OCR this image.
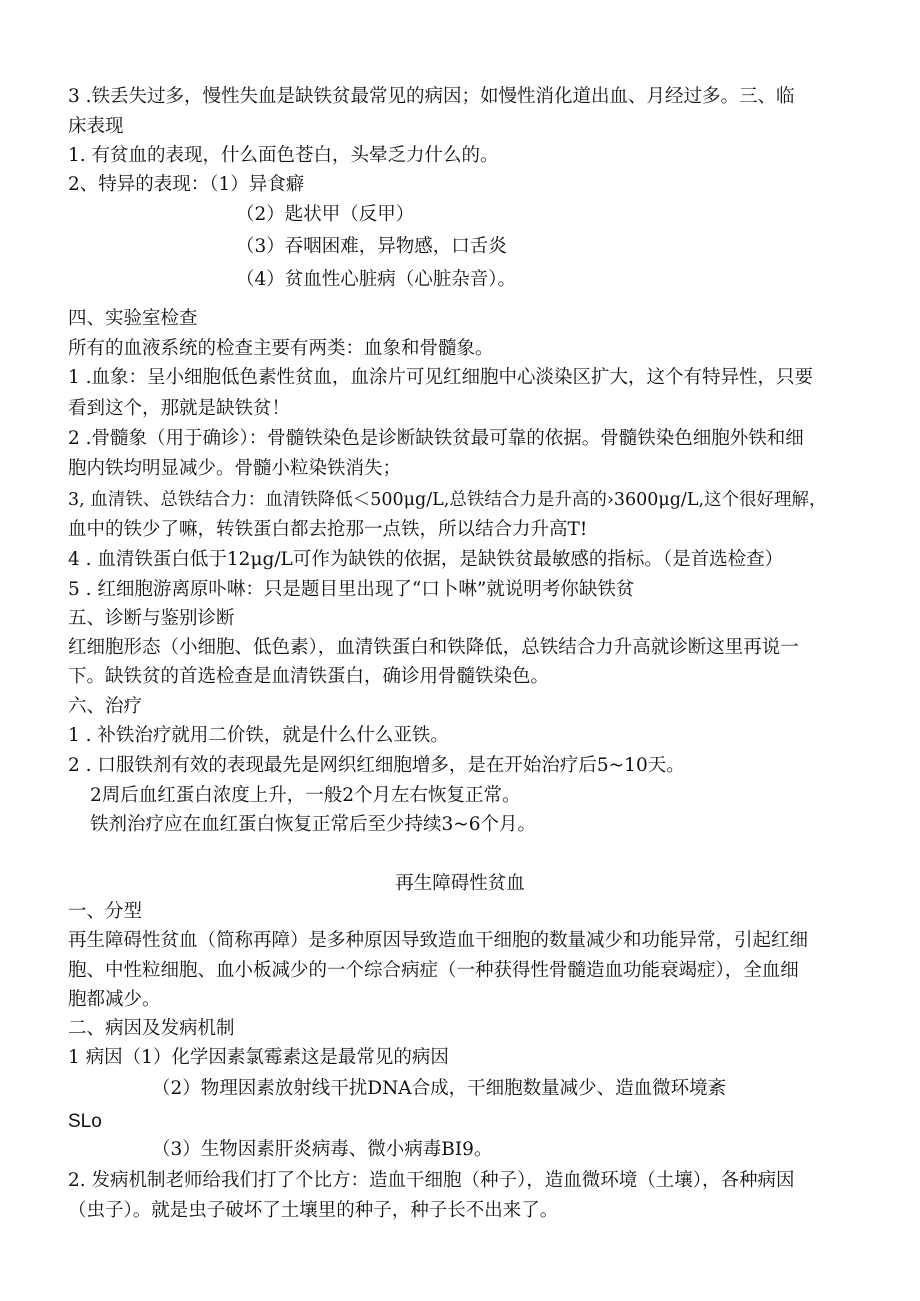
3 .铁丢失过多，慢性失血是缺铁贫最常见的病因；如慢性消化道出血、月经过多。三、临
床表现
1. 有贫血的表现，什么面色苍白，头晕乏力什么的。
2、特异的表现：（1）异食癖
（2）匙状甲（反甲）
（3）吞咽困难，异物感，口舌炎
（4）贫血性心脏病（心脏杂音）。
四、实验室检查
所有的血液系统的检查主要有两类：血象和骨髓象。
1 .血象：呈小细胞低色素性贫血，血涂片可见红细胞中心淡染区扩大，这个有特异性，只要
看到这个，那就是缺铁贫！
2 .骨髓象（用于确诊）：骨髓铁染色是诊断缺铁贫最可靠的依据。骨髓铁染色细胞外铁和细
胞内铁均明显减少。骨髓小粒染铁消失；
3, 血清铁、总铁结合力：血清铁降低＜500μg/L,总铁结合力是升高的›3600μg/L,这个很好理解，
血中的铁少了嘛，转铁蛋白都去抢那一点铁，所以结合力升高T!
4 . 血清铁蛋白低于12μg/L可作为缺铁的依据，是缺铁贫最敏感的指标。（是首选检查）
5 . 红细胞游离原卟啉：只是题目里出现了“口卜啉”就说明考你缺铁贫
五、诊断与鉴别诊断
红细胞形态（小细胞、低色素），血清铁蛋白和铁降低，总铁结合力升高就诊断这里再说一
下。缺铁贫的首选检查是血清铁蛋白，确诊用骨髓铁染色。
六、治疗
1 . 补铁治疗就用二价铁，就是什么什么亚铁。
2 . 口服铁剂有效的表现最先是网织红细胞增多，是在开始治疗后5~10天。
2周后血红蛋白浓度上升，一般2个月左右恢复正常。
铁剂治疗应在血红蛋白恢复正常后至少持续3~6个月。
再生障碍性贫血
一、分型
再生障碍性贫血（简称再障）是多种原因导致造血干细胞的数量减少和功能异常，引起红细
胞、中性粒细胞、血小板减少的一个综合病症（一种获得性骨髓造血功能衰竭症），全血细
胞都减少。
二、病因及发病机制
1 病因（1）化学因素氯霉素这是最常见的病因
（2）物理因素放射线干扰DNA合成，干细胞数量减少、造血微环境紊
SLo
（3）生物因素肝炎病毒、微小病毒BI9。
2. 发病机制老师给我们打了个比方：造血干细胞（种子），造血微环境（土壤），各种病因
（虫子）。就是虫子破坏了土壤里的种子，种子长不出来了。
